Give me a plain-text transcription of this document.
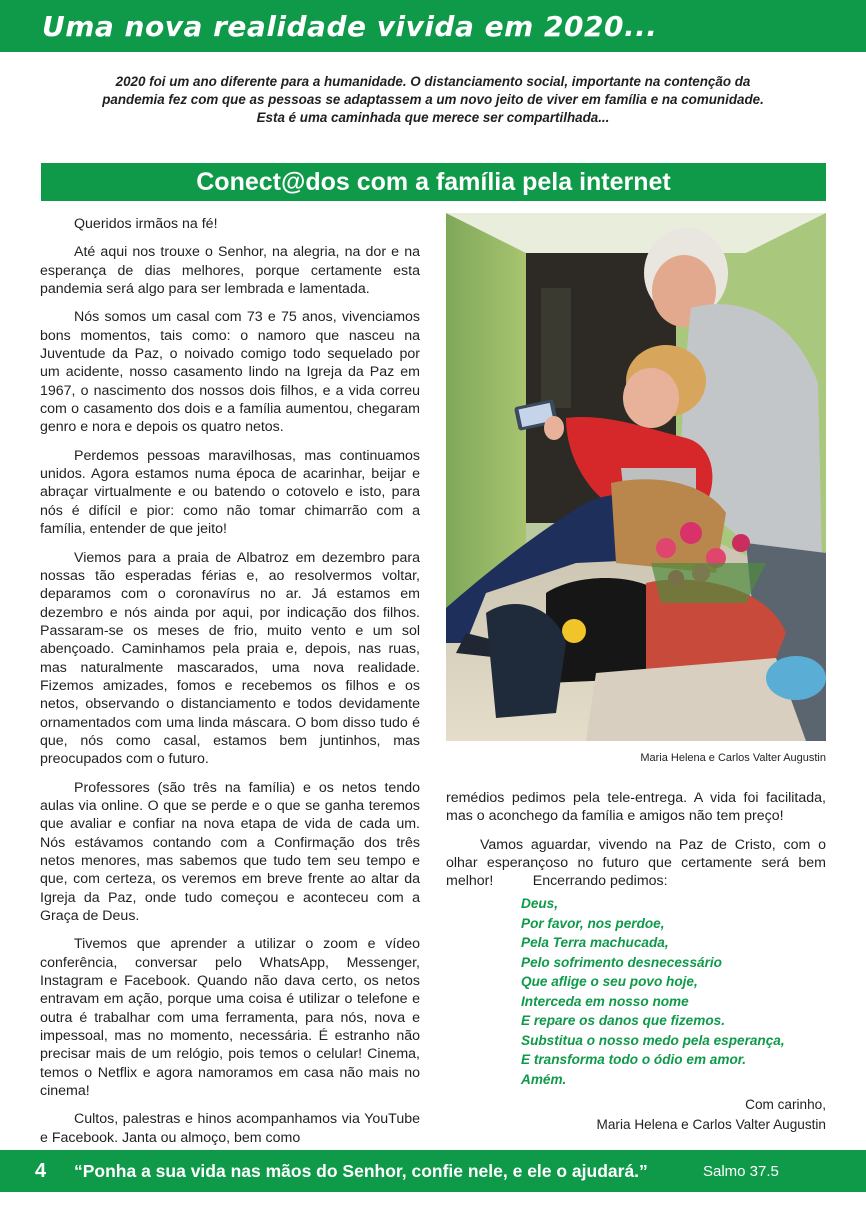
Uma nova realidade vivida em 2020...
2020 foi um ano diferente para a humanidade. O distanciamento social, importante na contenção da
pandemia fez com que as pessoas se adaptassem a um novo jeito de viver em família e na comunidade.
Esta é uma caminhada que merece ser compartilhada...
Conect@dos com a família pela internet

Queridos irmãos na fé!

Até aqui nos trouxe o Senhor, na alegria, na dor e na esperança de dias melhores, porque certamente esta pandemia será algo para ser lembrada e lamentada.

Nós somos um casal com 73 e 75 anos, vivenciamos bons momentos, tais como: o namoro que nasceu na Juventude da Paz, o noivado comigo todo sequelado por um acidente, nosso casamento lindo na Igreja da Paz em 1967, o nascimento dos nossos dois filhos, e a vida correu com o casamento dos dois e a família aumentou, chegaram genro e nora e depois os quatro netos.

Perdemos pessoas maravilhosas, mas continuamos unidos. Agora estamos numa época de acarinhar, beijar e abraçar virtualmente e ou batendo o cotovelo e isto, para nós é difícil e pior: como não tomar chimarrão com a família, entender de que jeito!

Viemos para a praia de Albatroz em dezembro para nossas tão esperadas férias e, ao resolvermos voltar, deparamos com o coronavírus no ar. Já estamos em dezembro e nós ainda por aqui, por indicação dos filhos. Passaram-se os meses de frio, muito vento e um sol abençoado. Caminhamos pela praia e, depois, nas ruas, mas naturalmente mascarados, uma nova realidade. Fizemos amizades, fomos e recebemos os filhos e os netos, observando o distanciamento e todos devidamente ornamentados com uma linda máscara. O bom disso tudo é que, nós como casal, estamos bem juntinhos, mas preocupados com o futuro.

Professores (são três na família) e os netos tendo aulas via online. O que se perde e o que se ganha teremos que avaliar e confiar na nova etapa de vida de cada um. Nós estávamos contando com a Confirmação dos três netos menores, mas sabemos que tudo tem seu tempo e que, com certeza, os veremos em breve frente ao altar da Igreja da Paz, onde tudo começou e aconteceu com a Graça de Deus.

Tivemos que aprender a utilizar o zoom e vídeo conferência, conversar pelo WhatsApp, Messenger, Instagram e Facebook. Quando não dava certo, os netos entravam em ação, porque uma coisa é utilizar o telefone e outra é trabalhar com uma ferramenta, para nós, nova e impessoal, mas no momento, necessária. É estranho não precisar mais de um relógio, pois temos o celular! Cinema, temos o Netflix e agora namoramos em casa não mais no cinema!

Cultos, palestras e hinos acompanhamos via YouTube e Facebook. Janta ou almoço, bem como

Maria Helena e Carlos Valter Augustin

remédios pedimos pela tele-entrega. A vida foi facilitada, mas o aconchego da família e amigos não tem preço!

Vamos aguardar, vivendo na Paz de Cristo, com o olhar esperançoso no futuro que certamente será bem melhor!          Encerrando pedimos:

Deus,
Por favor, nos perdoe,
Pela Terra machucada,
Pelo sofrimento desnecessário
Que aflige o seu povo hoje,
Interceda em nosso nome
E repare os danos que fizemos.
Substitua o nosso medo pela esperança,
E transforma todo o ódio em amor.
Amém.
Com carinho,
Maria Helena e Carlos Valter Augustin
4 “Ponha a sua vida nas mãos do Senhor, confie nele, e ele o ajudará.”	Salmo 37.5
